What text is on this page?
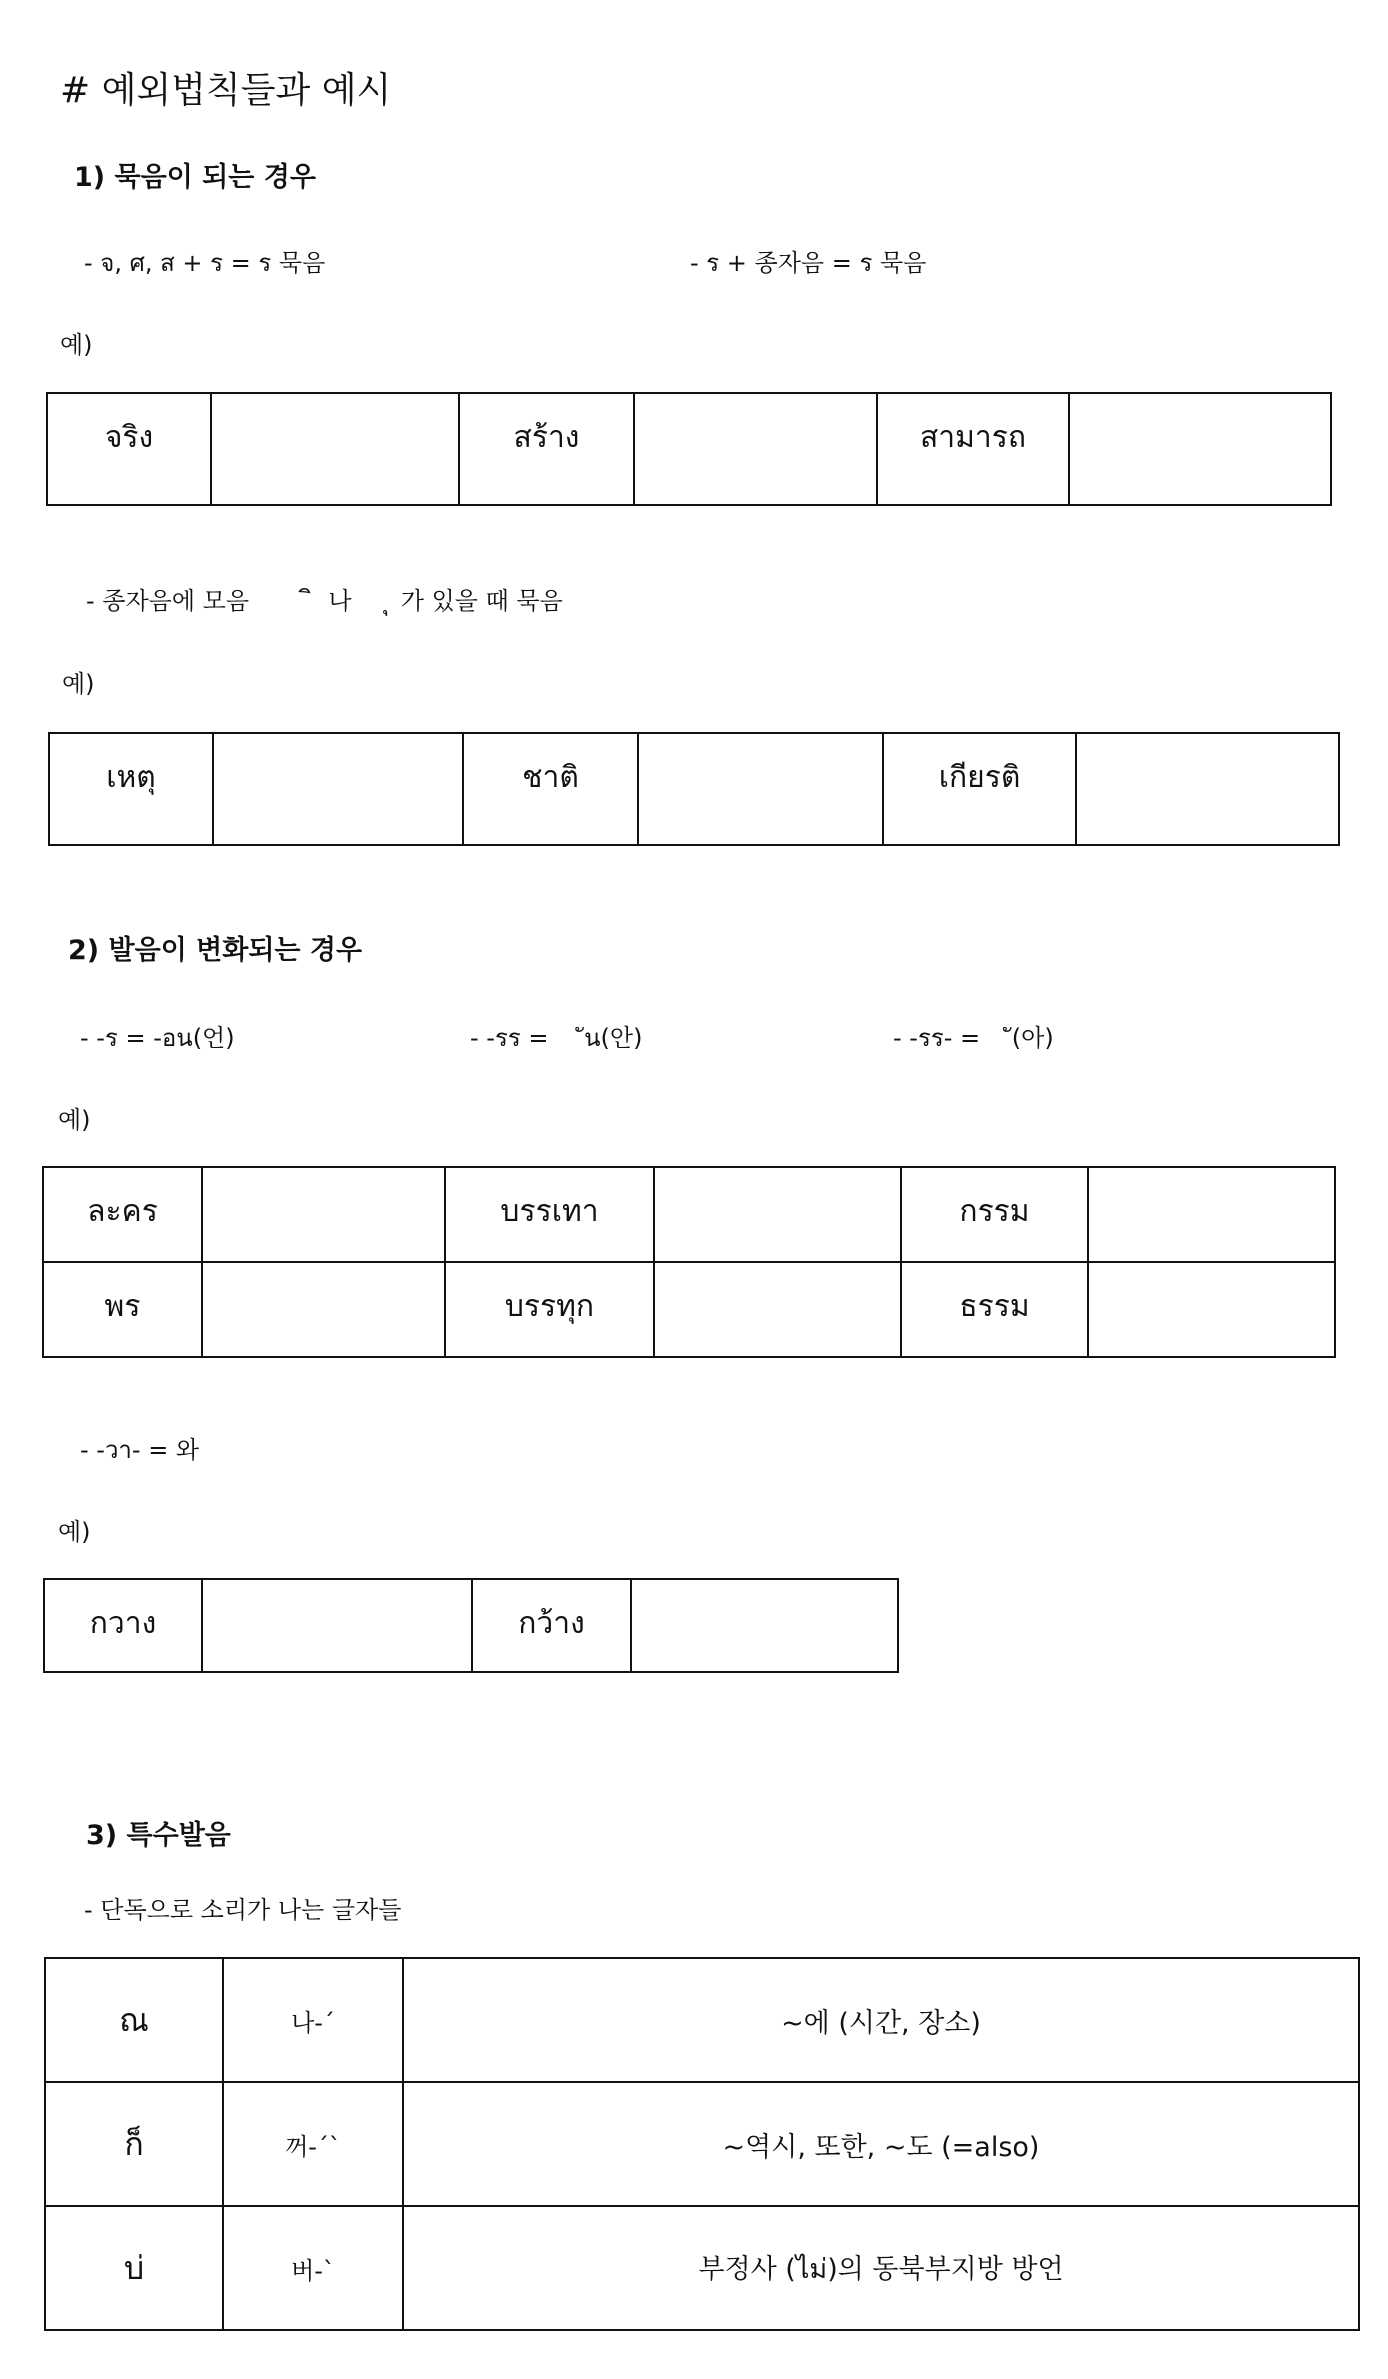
# 예외법칙들과 예시
1) 묵음이 되는 경우
- จ, ศ, ส + ร = ร 묵음	- ร + 종자음 = ร 묵음
예)
จริง		สร้าง		สามารถ	
- 종자음에 모음	나 가 있을 때 묵음
예)
เหตุ		ชาติ		เกียรติ	
2) 발음이 변화되는 경우
- -ร = -อน(언)	- -รร = ัน(안)	- -รร- = ั(아)
예)
ละคร		บรรเทา		กรรม	
พร		บรรทุก		ธรรม	
- -วา- = 와
예)
กวาง		กว้าง	
3) 특수발음
- 단독으로 소리가 나는 글자들
ณ	나-ˊ	~에 (시간, 장소)
ก็	꺼-ˊˋ	~역시, 또한, ~도 (=also)
บ่	버-ˋ	부정사 (ไม่)의 동북부지방 방언
